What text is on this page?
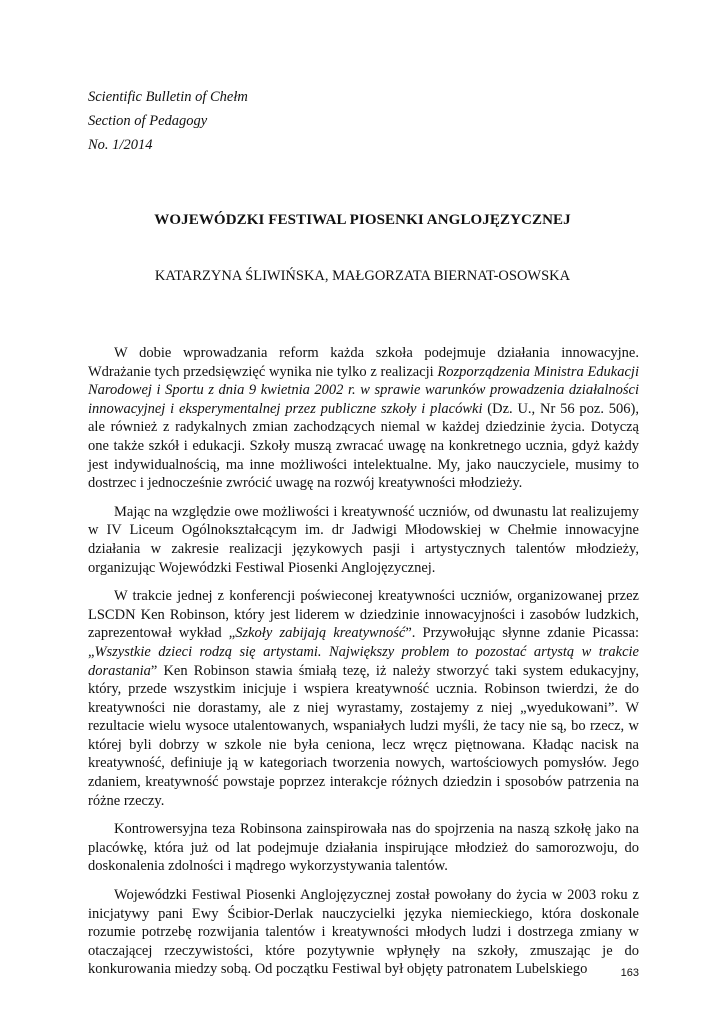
Scientific Bulletin of Chełm
Section of Pedagogy
No. 1/2014
WOJEWÓDZKI FESTIWAL PIOSENKI ANGLOJĘZYCZNEJ
KATARZYNA ŚLIWIŃSKA, MAŁGORZATA BIERNAT-OSOWSKA

W dobie wprowadzania reform każda szkoła podejmuje działania innowacyjne. Wdrażanie tych przedsięwzięć wynika nie tylko z realizacji Rozporządzenia Ministra Edukacji Narodowej i Sportu z dnia 9 kwietnia 2002 r. w sprawie warunków prowadzenia działalności innowacyjnej i eksperymentalnej przez publiczne szkoły i placówki (Dz. U., Nr 56 poz. 506), ale również z radykalnych zmian zachodzących niemal w każdej dziedzinie życia. Dotyczą one także szkół i edukacji. Szkoły muszą zwracać uwagę na konkretnego ucznia, gdyż każdy jest indywidualnością, ma inne możliwości intelektualne. My, jako nauczyciele, musimy to dostrzec i jednocześnie zwrócić uwagę na rozwój kreatywności młodzieży.

Mając na względzie owe możliwości i kreatywność uczniów, od dwunastu lat realizujemy w IV Liceum Ogólnokształcącym im. dr Jadwigi Młodowskiej w Chełmie innowacyjne działania w zakresie realizacji językowych pasji i artystycznych talentów młodzieży, organizując Wojewódzki Festiwal Piosenki Anglojęzycznej.

W trakcie jednej z konferencji poświeconej kreatywności uczniów, organizowanej przez LSCDN Ken Robinson, który jest liderem w dziedzinie innowacyjności i zasobów ludzkich, zaprezentował wykład „Szkoły zabijają kreatywność”. Przywołując słynne zdanie Picassa: „Wszystkie dzieci rodzą się artystami. Największy problem to pozostać artystą w trakcie dorastania” Ken Robinson stawia śmiałą tezę, iż należy stworzyć taki system edukacyjny, który, przede wszystkim inicjuje i wspiera kreatywność ucznia. Robinson twierdzi, że do kreatywności nie dorastamy, ale z niej wyrastamy, zostajemy z niej „wyedukowani”. W rezultacie wielu wysoce utalentowanych, wspaniałych ludzi myśli, że tacy nie są, bo rzecz, w której byli dobrzy w szkole nie była ceniona, lecz wręcz piętnowana. Kładąc nacisk na kreatywność, definiuje ją w kategoriach tworzenia nowych, wartościowych pomysłów. Jego zdaniem, kreatywność powstaje poprzez interakcje różnych dziedzin i sposobów patrzenia na różne rzeczy.

Kontrowersyjna teza Robinsona zainspirowała nas do spojrzenia na naszą szkołę jako na placówkę, która już od lat podejmuje działania inspirujące młodzież do samorozwoju, do doskonalenia zdolności i mądrego wykorzystywania talentów.

Wojewódzki Festiwal Piosenki Anglojęzycznej został powołany do życia w 2003 roku z inicjatywy pani Ewy Ścibior-Derlak nauczycielki języka niemieckiego, która doskonale rozumie potrzebę rozwijania talentów i kreatywności młodych ludzi i dostrzega zmiany w otaczającej rzeczywistości, które pozytywnie wpłynęły na szkoły, zmuszając je do konkurowania miedzy sobą. Od początku Festiwal był objęty patronatem Lubelskiego	163
